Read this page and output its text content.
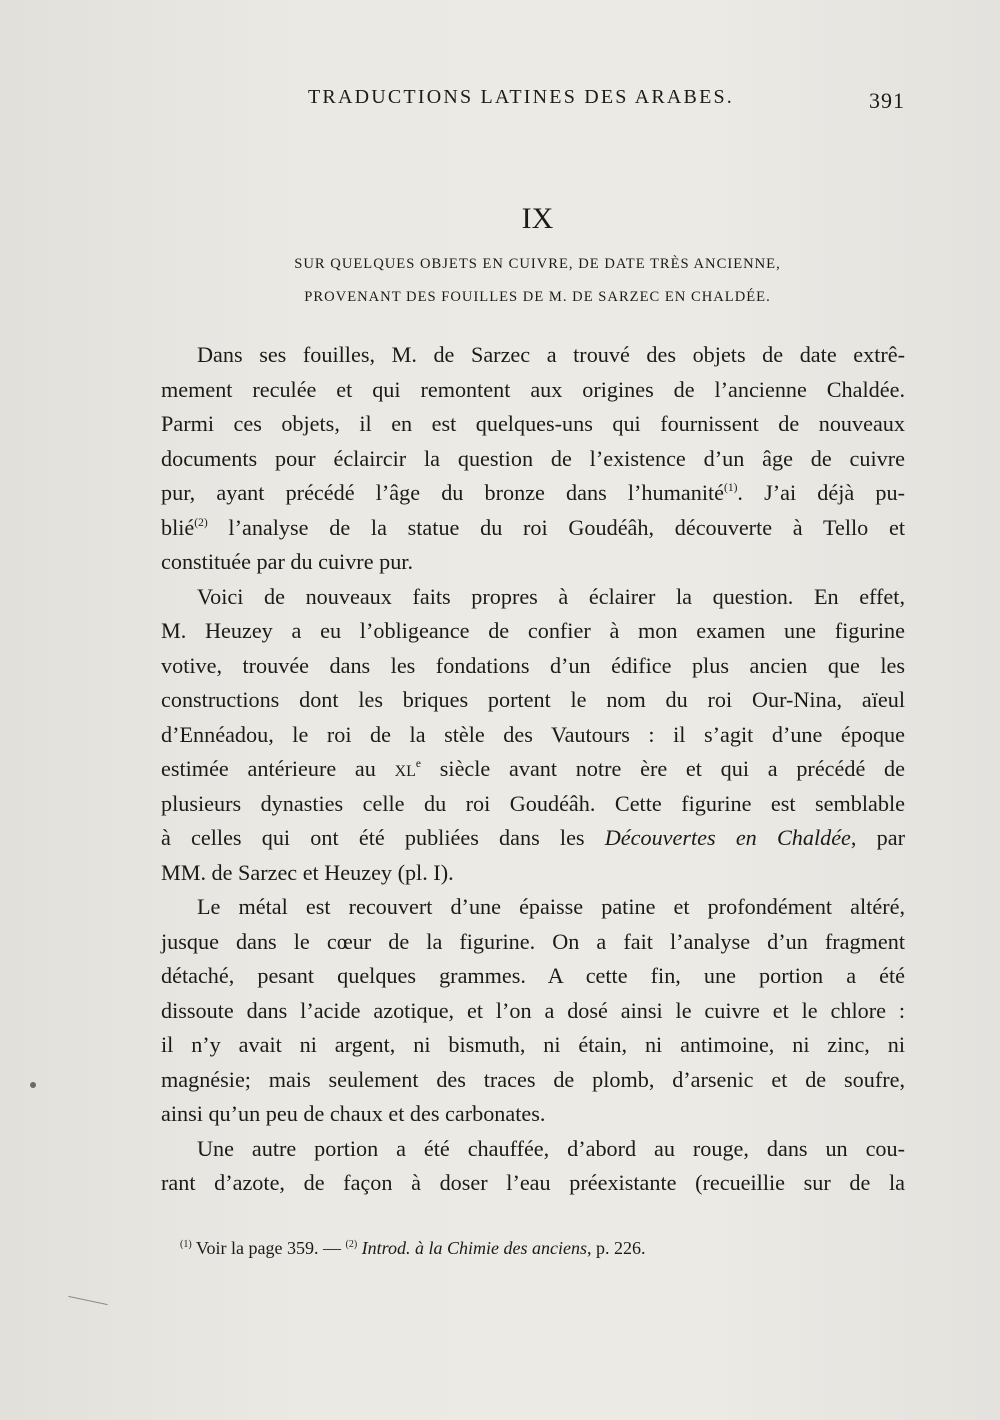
TRADUCTIONS LATINES DES ARABES.	391
IX
SUR QUELQUES OBJETS EN CUIVRE, DE DATE TRÈS ANCIENNE,
PROVENANT DES FOUILLES DE M. DE SARZEC EN CHALDÉE.
Dans ses fouilles, M. de Sarzec a trouvé des objets de date extrê-
mement reculée et qui remontent aux origines de l’ancienne Chaldée.
Parmi ces objets, il en est quelques-uns qui fournissent de nouveaux
documents pour éclaircir la question de l’existence d’un âge de cuivre
pur, ayant précédé l’âge du bronze dans l’humanité$^{(1)}$. J’ai déjà pu-
blié$^{(2)}$ l’analyse de la statue du roi Goudéâh, découverte à Tello et
constituée par du cuivre pur.
Voici de nouveaux faits propres à éclairer la question. En effet,
M. Heuzey a eu l’obligeance de confier à mon examen une figurine
votive, trouvée dans les fondations d’un édifice plus ancien que les
constructions dont les briques portent le nom du roi Our-Nina, aïeul
d’Ennéadou, le roi de la stèle des Vautours : il s’agit d’une époque
estimée antérieure au $xl^e$ siècle avant notre ère et qui a précédé de
plusieurs dynasties celle du roi Goudéâh. Cette figurine est semblable
à celles qui ont été publiées dans les Découvertes en Chaldée, par
MM. de Sarzec et Heuzey (pl. I).
Le métal est recouvert d’une épaisse patine et profondément altéré,
jusque dans le cœur de la figurine. On a fait l’analyse d’un fragment
détaché, pesant quelques grammes. A cette fin, une portion a été
dissoute dans l’acide azotique, et l’on a dosé ainsi le cuivre et le chlore :
il n’y avait ni argent, ni bismuth, ni étain, ni antimoine, ni zinc, ni
magnésie; mais seulement des traces de plomb, d’arsenic et de soufre,
ainsi qu’un peu de chaux et des carbonates.
Une autre portion a été chauffée, d’abord au rouge, dans un cou-
rant d’azote, de façon à doser l’eau préexistante (recueillie sur de la
$^{(1)}$ Voir la page 359. — $^{(2)}$ Introd. à la Chimie des anciens, p. 226.
